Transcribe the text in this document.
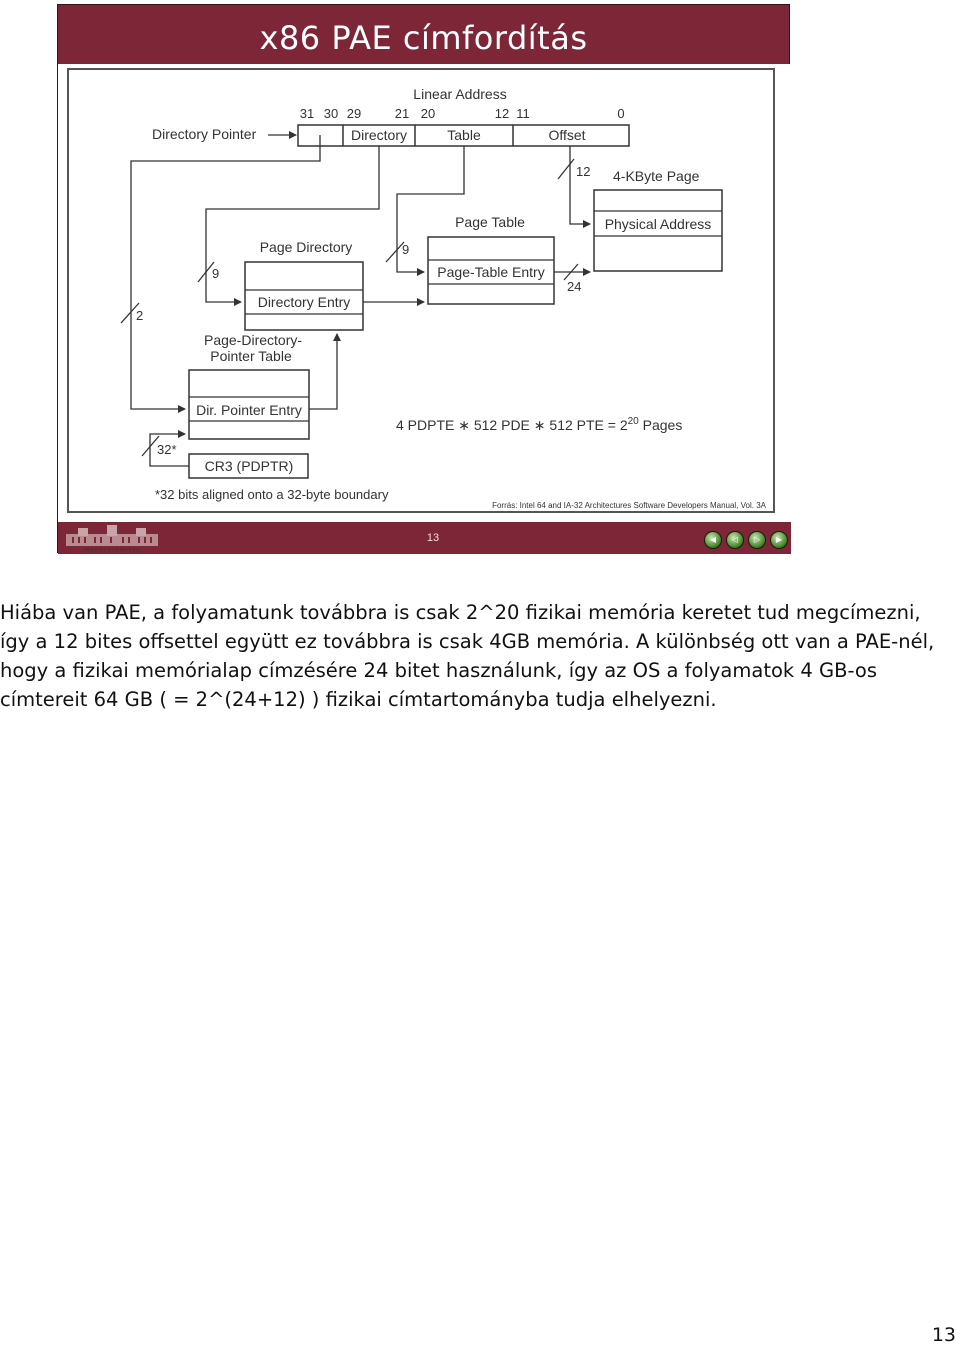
x86 PAE címfordítás
Linear Address
31 30 29	21 20	12 11	0
Directory	Table	Offset
Directory Pointer
4-KByte Page
Physical Address
Page Table
Page-Table Entry
Page Directory
Directory Entry
Page-Directory-
Pointer Table
Dir. Pointer Entry
CR3 (PDPTR)
4 PDPTE ∗ 512 PDE ∗ 512 PTE = $2^{20}$ Pages
*32 bits aligned onto a 32-byte boundary
Forrás: Intel 64 and IA-32 Architectures Software Developers Manual, Vol. 3A
12
24
9
9
2
32*
M Ű E G Y E T E M 1 7 8 2
13	◀	◁	▷	▶
Hiába van PAE, a folyamatunk továbbra is csak 2^20 fizikai memória keretet tud megcímezni, így a 12 bites offsettel együtt ez továbbra is csak 4GB memória. A különbség ott van a PAE-nél, hogy a fizikai memórialap címzésére 24 bitet használunk, így az OS a folyamatok 4 GB-os címtereit 64 GB ( = 2^(24+12) ) fizikai címtartományba tudja elhelyezni.
13
